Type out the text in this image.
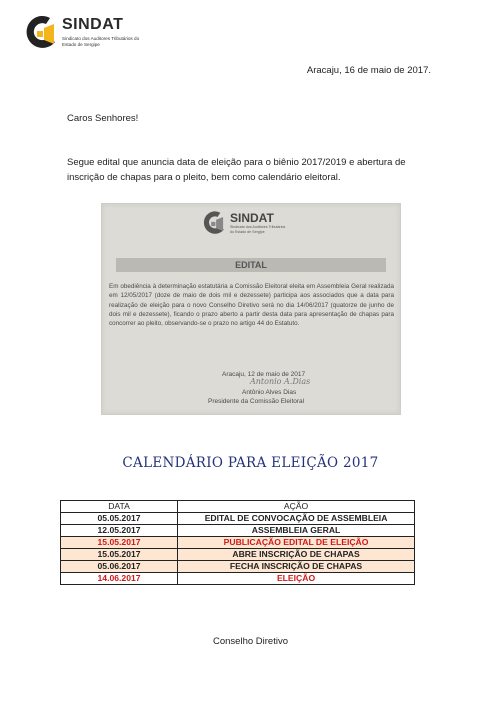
SINDAT
Sindicato dos Auditores Tributários do Estado de Sergipe
Aracaju, 16 de maio de 2017.
Caros Senhores!
Segue edital que anuncia data de eleição para o biênio 2017/2019 e abertura de inscrição de chapas para o pleito, bem como calendário eleitoral.
SINDAT
Sindicato dos Auditores Tributários do Estado de Sergipe
EDITAL
Em obediência à determinação estatutária a Comissão Eleitoral eleita em Assembleia Geral realizada em 12/05/2017 (doze de maio de dois mil e dezessete) participa aos associados que a data para realização de eleição para o novo Conselho Diretivo será no dia 14/06/2017 (quatorze de junho de dois mil e dezessete), ficando o prazo aberto a partir desta data para apresentação de chapas para concorrer ao pleito, observando-se o prazo no artigo 44 do Estatuto.
Aracaju, 12 de maio de 2017
Antonio A.Dias
Antônio Alves Dias
Presidente da Comissão Eleitoral
CALENDÁRIO PARA ELEIÇÃO 2017
DATA	AÇÃO
05.05.2017	EDITAL DE CONVOCAÇÃO DE ASSEMBLEIA
12.05.2017	ASSEMBLEIA GERAL
15.05.2017	PUBLICAÇÃO EDITAL DE ELEIÇÃO
15.05.2017	ABRE INSCRIÇÃO DE CHAPAS
05.06.2017	FECHA INSCRIÇÃO DE CHAPAS
14.06.2017	ELEIÇÃO
Conselho Diretivo
